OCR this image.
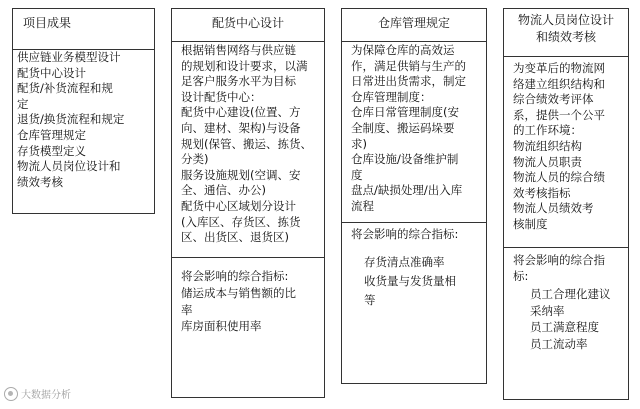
项目成果
供应链业务模型设计
配货中心设计
配货/补货流程和规
定
退货/换货流程和规定
仓库管理规定
存货模型定义
物流人员岗位设计和
绩效考核
配货中心设计
根据销售网络与供应链
的规划和设计要求，以满
足客户服务水平为目标
设计配货中心：
配货中心建设(位置、方
向、建材、架构)与设备
规划(保管、搬运、拣货、
分类)
服务设施规划(空调、安
全、通信、办公)
配货中心区域划分设计
(入库区、存货区、拣货
区、出货区、退货区)
将会影响的综合指标:
储运成本与销售额的比
率
库房面积使用率
仓库管理规定
为保障仓库的高效运
作，满足供销与生产的
日常进出货需求，制定
仓库管理制度：
仓库日常管理制度(安
全制度、搬运码垛要
求)
仓库设施/设备维护制
度
盘点/缺损处理/出入库
流程
将会影响的综合指标:
存货清点准确率
收货量与发货量相
等
物流人员岗位设计
和绩效考核
为变革后的物流网
络建立组织结构和
综合绩效考评体
系，提供一个公平
的工作环境：
物流组织结构
物流人员职责
物流人员的综合绩
效考核指标
物流人员绩效考
核制度
将会影响的综合指
标:
员工合理化建议
采纳率
员工满意程度
员工流动率
大数据分析
